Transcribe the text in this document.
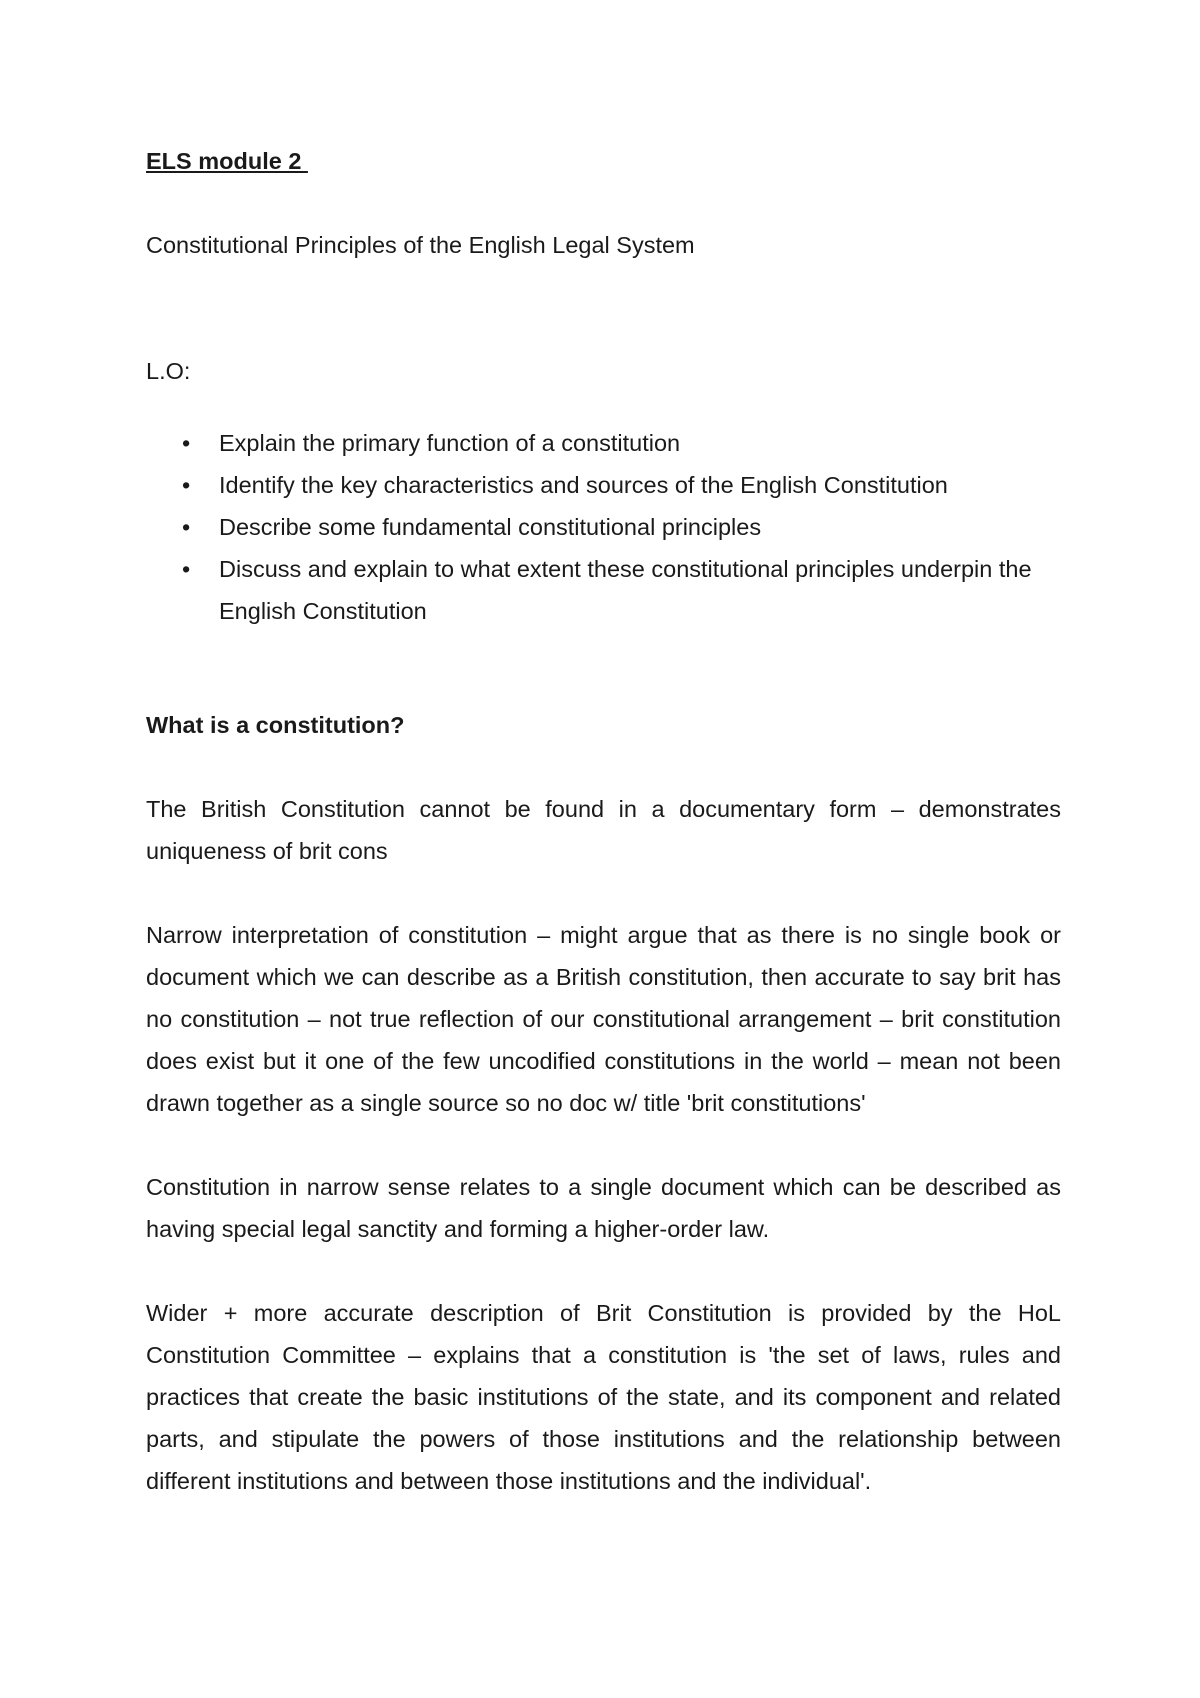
ELS module 2

Constitutional Principles of the English Legal System

L.O:

• Explain the primary function of a constitution
• Identify the key characteristics and sources of the English Constitution
• Describe some fundamental constitutional principles
• Discuss and explain to what extent these constitutional principles underpin the English Constitution

What is a constitution?

The British Constitution cannot be found in a documentary form – demonstrates uniqueness of brit cons

Narrow interpretation of constitution – might argue that as there is no single book or document which we can describe as a British constitution, then accurate to say brit has no constitution – not true reflection of our constitutional arrangement – brit constitution does exist but it one of the few uncodified constitutions in the world – mean not been drawn together as a single source so no doc w/ title 'brit constitutions'

Constitution in narrow sense relates to a single document which can be described as having special legal sanctity and forming a higher-order law.

Wider + more accurate description of Brit Constitution is provided by the HoL Constitution Committee – explains that a constitution is 'the set of laws, rules and practices that create the basic institutions of the state, and its component and related parts, and stipulate the powers of those institutions and the relationship between different institutions and between those institutions and the individual'.
